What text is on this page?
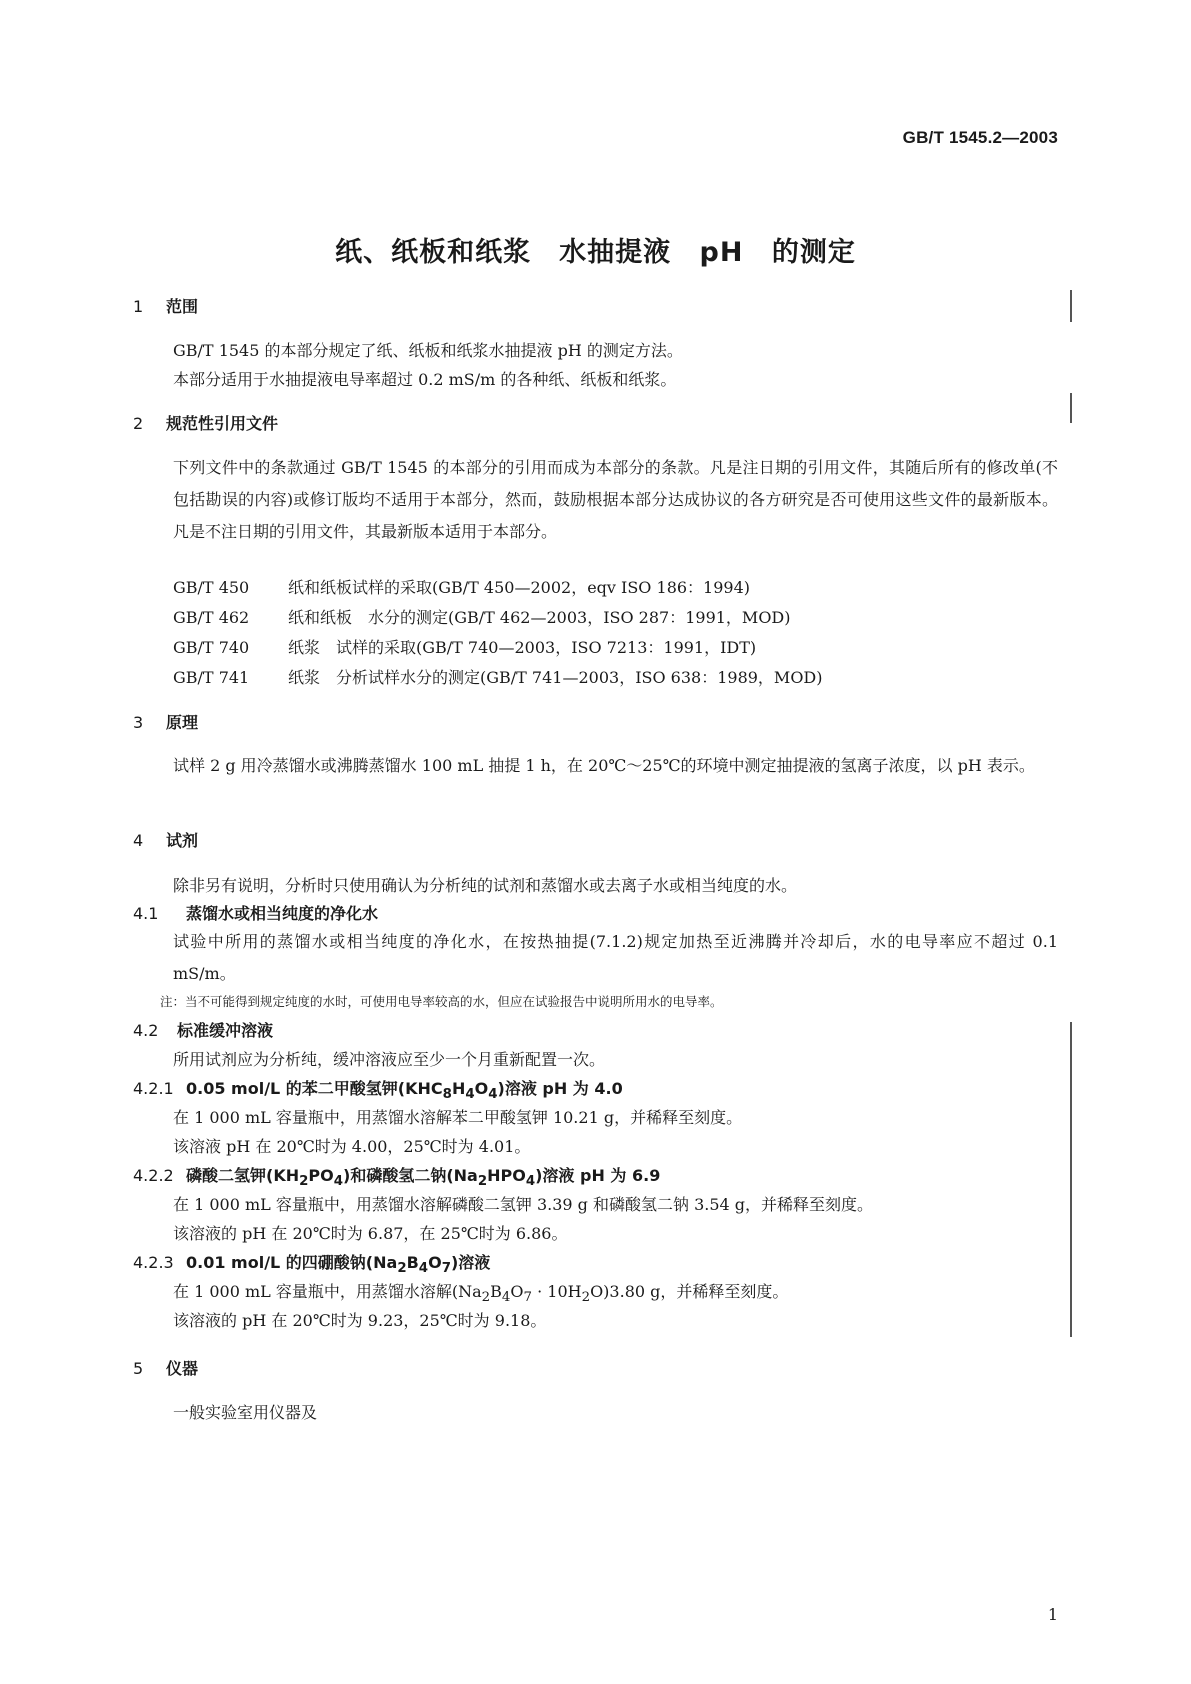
GB/T 1545.2—2003
纸、纸板和纸浆　水抽提液 pH 的测定
1 范围
GB/T 1545 的本部分规定了纸、纸板和纸浆水抽提液 pH 的测定方法。
本部分适用于水抽提液电导率超过 0.2 mS/m 的各种纸、纸板和纸浆。
2 规范性引用文件
下列文件中的条款通过 GB/T 1545 的本部分的引用而成为本部分的条款。凡是注日期的引用文件，其随后所有的修改单(不包括勘误的内容)或修订版均不适用于本部分，然而，鼓励根据本部分达成协议的各方研究是否可使用这些文件的最新版本。凡是不注日期的引用文件，其最新版本适用于本部分。
GB/T 450 纸和纸板试样的采取(GB/T 450—2002，eqv ISO 186：1994)
GB/T 462 纸和纸板　水分的测定(GB/T 462—2003，ISO 287：1991，MOD)
GB/T 740 纸浆　试样的采取(GB/T 740—2003，ISO 7213：1991，IDT)
GB/T 741 纸浆　分析试样水分的测定(GB/T 741—2003，ISO 638：1989，MOD)
3 原理
试样 2 g 用冷蒸馏水或沸腾蒸馏水 100 mL 抽提 1 h，在 20℃～25℃的环境中测定抽提液的氢离子浓度，以 pH 表示。
4 试剂
除非另有说明，分析时只使用确认为分析纯的试剂和蒸馏水或去离子水或相当纯度的水。
4.1 蒸馏水或相当纯度的净化水
试验中所用的蒸馏水或相当纯度的净化水，在按热抽提(7.1.2)规定加热至近沸腾并冷却后，水的电导率应不超过 0.1 mS/m。
注：当不可能得到规定纯度的水时，可使用电导率较高的水，但应在试验报告中说明所用水的电导率。
4.2 标准缓冲溶液
所用试剂应为分析纯，缓冲溶液应至少一个月重新配置一次。
4.2.1 0.05 mol/L 的苯二甲酸氢钾$(KHC_8H_4O_4)$溶液 pH 为 4.0
在 1 000 mL 容量瓶中，用蒸馏水溶解苯二甲酸氢钾 10.21 g，并稀释至刻度。
该溶液 pH 在 20℃时为 4.00，25℃时为 4.01。
4.2.2 磷酸二氢钾$(KH_2PO_4)$和磷酸氢二钠$(Na_2HPO_4)$溶液 pH 为 6.9
在 1 000 mL 容量瓶中，用蒸馏水溶解磷酸二氢钾 3.39 g 和磷酸氢二钠 3.54 g，并稀释至刻度。
该溶液的 pH 在 20℃时为 6.87，在 25℃时为 6.86。
4.2.3 0.01 mol/L 的四硼酸钠$(Na_2B_4O_7)$溶液
在 1 000 mL 容量瓶中，用蒸馏水溶解$(Na_2B_4O_7 \cdot 10H_2O)3.80$ g，并稀释至刻度。
该溶液的 pH 在 20℃时为 9.23，25℃时为 9.18。
5 仪器
一般实验室用仪器及
1
